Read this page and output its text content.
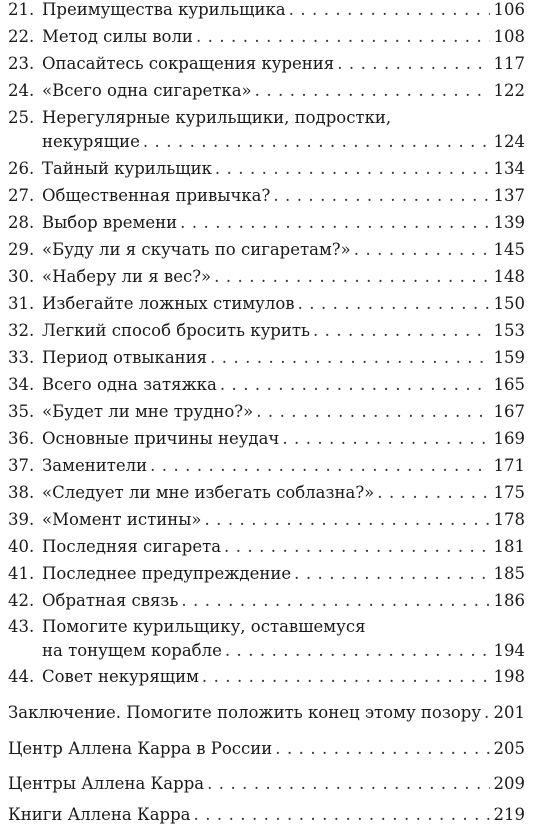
21. Преимущества курильщика . . .	106
22. Метод силы воли . . .	108
23. Опасайтесь сокращения курения . . .	117
24. «Всего одна сигаретка» . . .	122
25. Нерегулярные курильщики, подростки,
некурящие . . .	124
26. Тайный курильщик . . .	134
27. Общественная привычка? . . .	137
28. Выбор времени . . .	139
29. «Буду ли я скучать по сигаретам?» . . .	145
30. «Наберу ли я вес?» . . .	148
31. Избегайте ложных стимулов . . .	150
32. Легкий способ бросить курить . . .	153
33. Период отвыкания . . .	159
34. Всего одна затяжка . . .	165
35. «Будет ли мне трудно?» . . .	167
36. Основные причины неудач . . .	169
37. Заменители . . .	171
38. «Следует ли мне избегать соблазна?» . . .	175
39. «Момент истины» . . .	178
40. Последняя сигарета . . .	181
41. Последнее предупреждение . . .	185
42. Обратная связь . . .	186
43. Помогите курильщику, оставшемуся
на тонущем корабле . . .	194
44. Совет некурящим . . .	198
Заключение. Помогите положить конец этому позору . . . 201
Центр Аллена Карра в России . . .	205
Центры Аллена Карра . . .	209
Книги Аллена Карра . . .	219
